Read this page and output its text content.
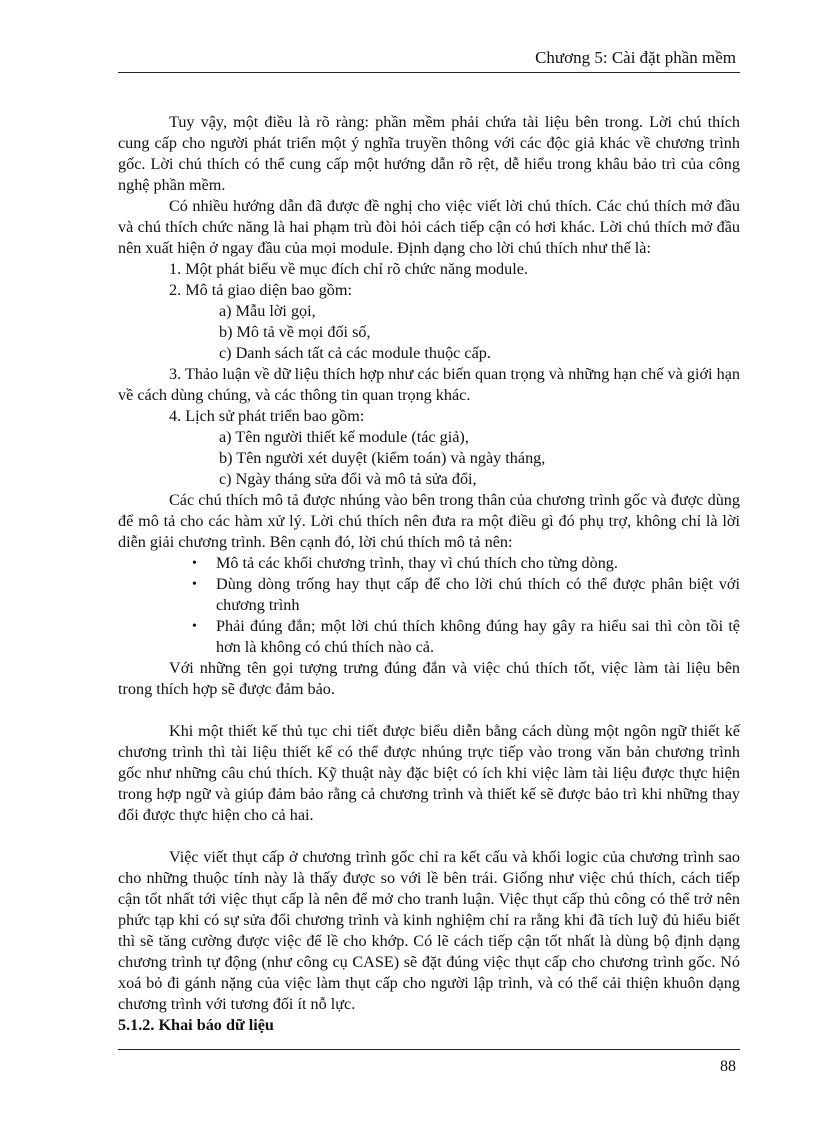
Chương 5: Cài đặt phần mềm

Tuy vậy, một điều là rõ ràng: phần mềm phải chứa tài liệu bên trong. Lời chú thích cung cấp cho người phát triển một ý nghĩa truyền thông với các độc giả khác về chương trình gốc. Lời chú thích có thể cung cấp một hướng dẫn rõ rệt, dễ hiểu trong khâu bảo trì của công nghệ phần mềm.

Có nhiều hướng dẫn đã được đề nghị cho việc viết lời chú thích. Các chú thích mở đầu và chú thích chức năng là hai phạm trù đòi hỏi cách tiếp cận có hơi khác. Lời chú thích mở đầu nên xuất hiện ở ngay đầu của mọi module. Định dạng cho lời chú thích như thế là:

1. Một phát biểu về mục đích chỉ rõ chức năng module.

2. Mô tả giao diện bao gồm:

a) Mẫu lời gọi,

b) Mô tả về mọi đối số,

c) Danh sách tất cả các module thuộc cấp.

3. Thảo luận về dữ liệu thích hợp như các biến quan trọng và những hạn chế và giới hạn về cách dùng chúng, và các thông tin quan trọng khác.

4. Lịch sử phát triển bao gồm:

a) Tên người thiết kế module (tác giả),

b) Tên người xét duyệt (kiểm toán) và ngày tháng,

c) Ngày tháng sửa đổi và mô tả sửa đổi,

Các chú thích mô tả được nhúng vào bên trong thân của chương trình gốc và được dùng để mô tả cho các hàm xử lý. Lời chú thích nên đưa ra một điều gì đó phụ trợ, không chỉ là lời diễn giải chương trình. Bên cạnh đó, lời chú thích mô tả nên:

• Mô tả các khối chương trình, thay vì chú thích cho từng dòng.
• Dùng dòng trống hay thụt cấp để cho lời chú thích có thể được phân biệt với chương trình
• Phải đúng đắn; một lời chú thích không đúng hay gây ra hiểu sai thì còn tồi tệ hơn là không có chú thích nào cả.

Với những tên gọi tượng trưng đúng đắn và việc chú thích tốt, việc làm tài liệu bên trong thích hợp sẽ được đảm bảo.

Khi một thiết kế thủ tục chi tiết được biểu diễn bằng cách dùng một ngôn ngữ thiết kế chương trình thì tài liệu thiết kế có thể được nhúng trực tiếp vào trong văn bản chương trình gốc như những câu chú thích. Kỹ thuật này đặc biệt có ích khi việc làm tài liệu được thực hiện trong hợp ngữ và giúp đảm bảo rằng cả chương trình và thiết kế sẽ được bảo trì khi những thay đổi được thực hiện cho cả hai.

Việc viết thụt cấp ở chương trình gốc chỉ ra kết cấu và khối logic của chương trình sao cho những thuộc tính này là thấy được so với lề bên trái. Giống như việc chú thích, cách tiếp cận tốt nhất tới việc thụt cấp là nên để mở cho tranh luận. Việc thụt cấp thủ công có thể trở nên phức tạp khi có sự sửa đổi chương trình và kinh nghiệm chỉ ra rằng khi đã tích luỹ đủ hiểu biết thì sẽ tăng cường được việc để lề cho khớp. Có lẽ cách tiếp cận tốt nhất là dùng bộ định dạng chương trình tự động (như công cụ CASE) sẽ đặt đúng việc thụt cấp cho chương trình gốc. Nó xoá bỏ đi gánh nặng của việc làm thụt cấp cho người lập trình, và có thể cải thiện khuôn dạng chương trình với tương đối ít nỗ lực.

5.1.2. Khai báo dữ liệu

88
